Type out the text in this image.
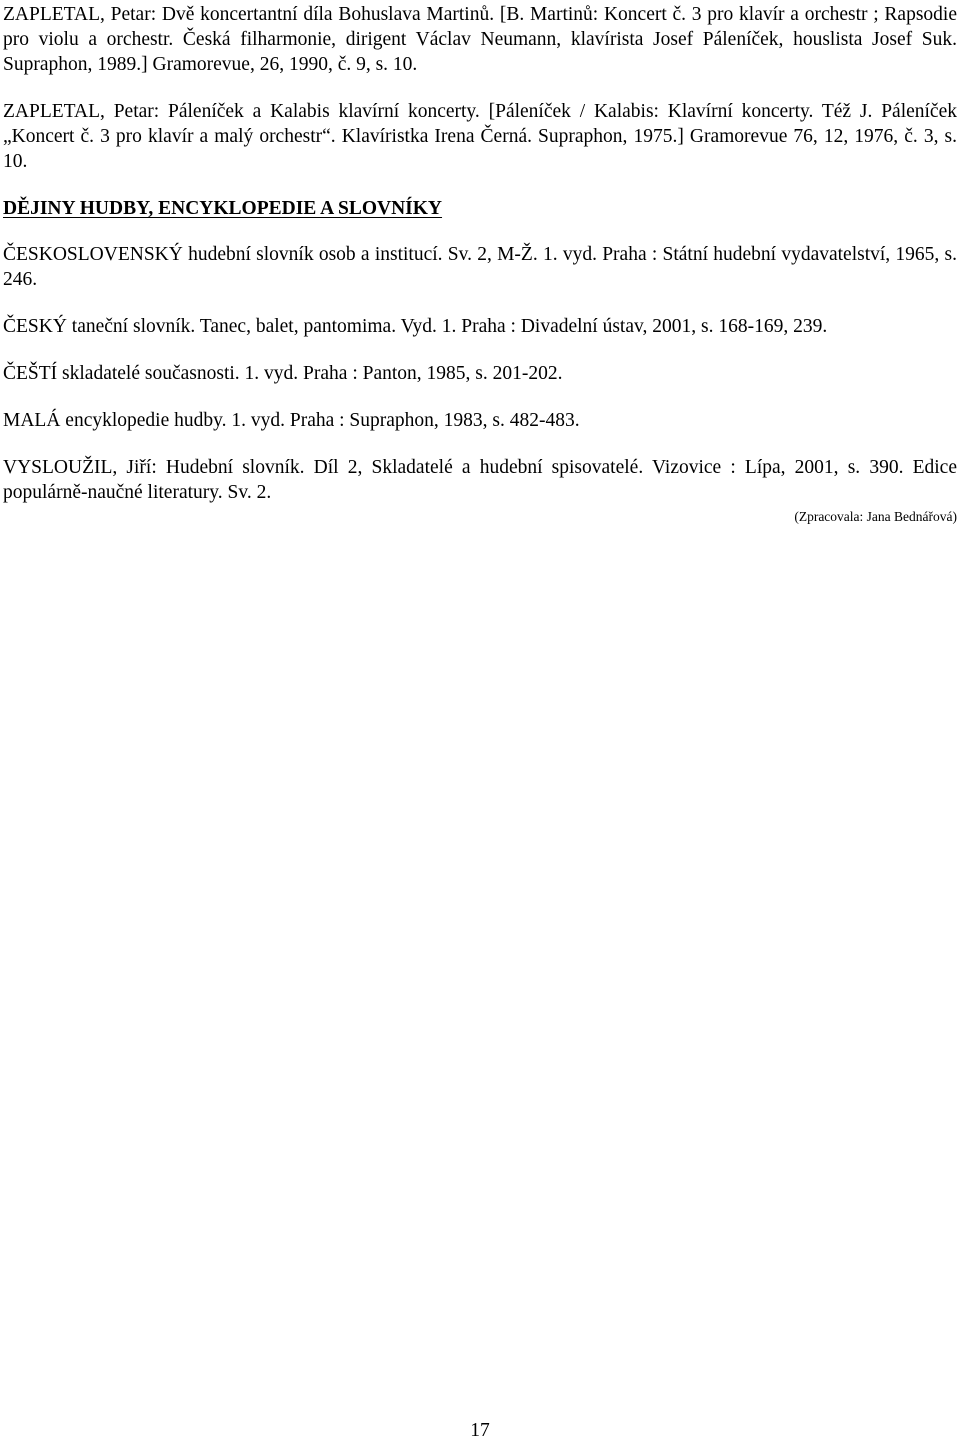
ZAPLETAL, Petar: Dvě koncertantní díla Bohuslava Martinů. [B. Martinů: Koncert č. 3 pro klavír a orchestr ; Rapsodie pro violu a orchestr. Česká filharmonie, dirigent Václav Neumann, klavírista Josef Páleníček, houslista Josef Suk. Supraphon, 1989.] Gramorevue, 26, 1990, č. 9, s. 10.

ZAPLETAL, Petar: Páleníček a Kalabis klavírní koncerty. [Páleníček / Kalabis: Klavírní koncerty. Též J. Páleníček „Koncert č. 3 pro klavír a malý orchestr“. Klavíristka Irena Černá. Supraphon, 1975.] Gramorevue 76, 12, 1976, č. 3, s. 10.

DĚJINY HUDBY, ENCYKLOPEDIE A SLOVNÍKY

ČESKOSLOVENSKÝ hudební slovník osob a institucí. Sv. 2, M-Ž. 1. vyd. Praha : Státní hudební vydavatelství, 1965, s. 246.

ČESKÝ taneční slovník. Tanec, balet, pantomima. Vyd. 1. Praha : Divadelní ústav, 2001, s. 168-169, 239.

ČEŠTÍ skladatelé současnosti. 1. vyd. Praha : Panton, 1985, s. 201-202.

MALÁ encyklopedie hudby. 1. vyd. Praha : Supraphon, 1983, s. 482-483.

VYSLOUŽIL, Jiří: Hudební slovník. Díl 2, Skladatelé a hudební spisovatelé. Vizovice : Lípa, 2001, s. 390. Edice populárně-naučné literatury. Sv. 2.

(Zpracovala: Jana Bednářová)
17
